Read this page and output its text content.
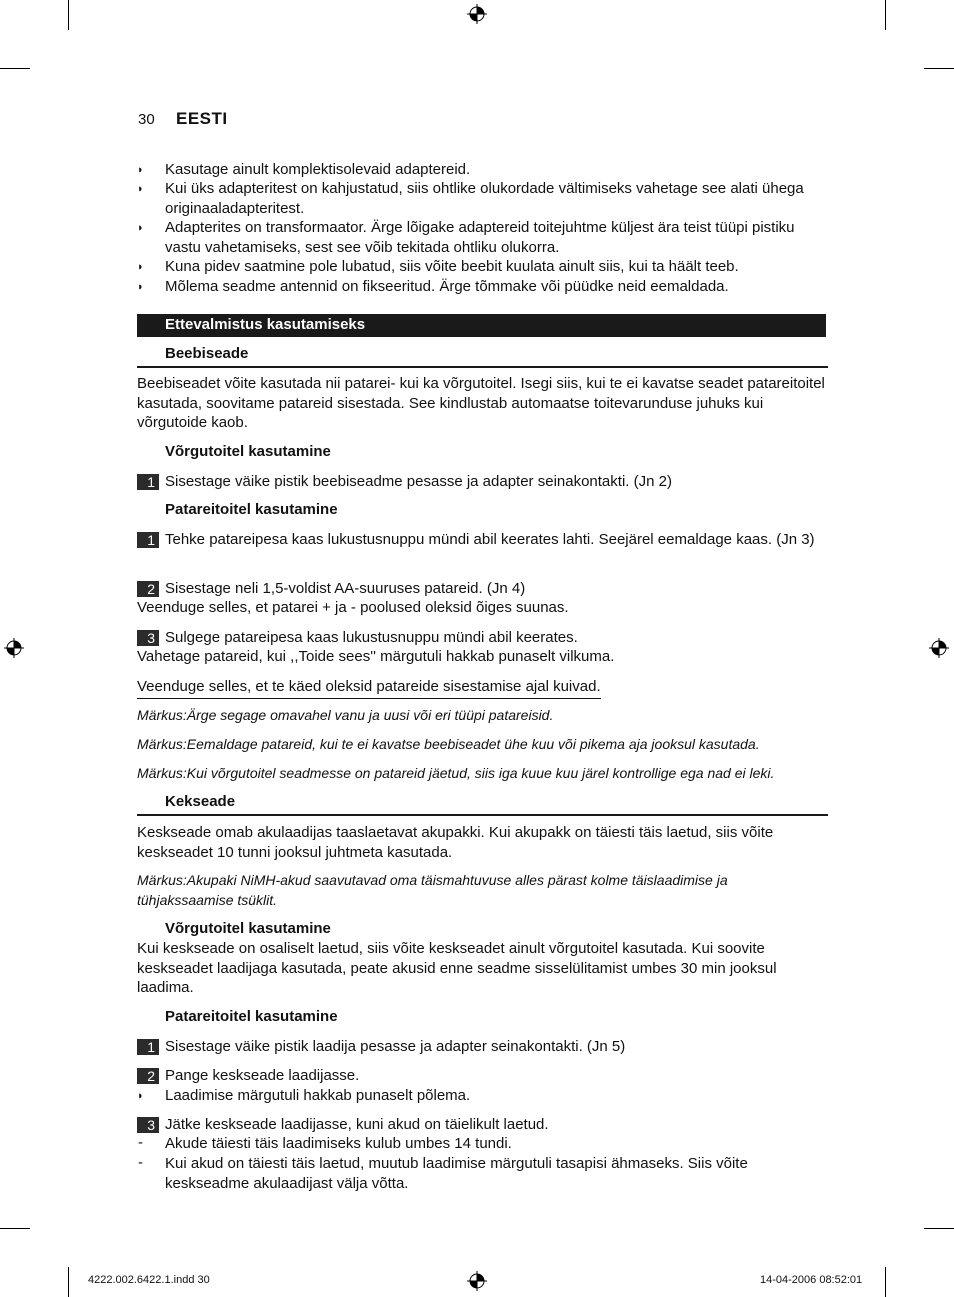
30 EESTI
◗ Kasutage ainult komplektisolevaid adaptereid.
◗ Kui üks adapteritest on kahjustatud, siis ohtlike olukordade vältimiseks vahetage see alati ühega originaaladapteritest.
◗ Adapterites on transformaator. Ärge lõigake adaptereid toitejuhtme küljest ära teist tüüpi pistiku vastu vahetamiseks, sest see võib tekitada ohtliku olukorra.
◗ Kuna pidev saatmine pole lubatud, siis võite beebit kuulata ainult siis, kui ta häält teeb.
◗ Mõlema seadme antennid on fikseeritud. Ärge tõmmake või püüdke neid eemaldada.
Ettevalmistus kasutamiseks
Beebiseade
Beebiseadet võite kasutada nii patarei- kui ka võrgutoitel. Isegi siis, kui te ei kavatse seadet patareitoitel kasutada, soovitame patareid sisestada. See kindlustab automaatse toitevarunduse juhuks kui võrgutoide kaob.
Võrgutoitel kasutamine
1 Sisestage väike pistik beebiseadme pesasse ja adapter seinakontakti. (Jn 2)
Patareitoitel kasutamine
1 Tehke patareipesa kaas lukustusnuppu mündi abil keerates lahti. Seejärel eemaldage kaas. (Jn 3)
2 Sisestage neli 1,5-voldist AA-suuruses patareid. (Jn 4)
Veenduge selles, et patarei + ja - poolused oleksid õiges suunas.
3 Sulgege patareipesa kaas lukustusnuppu mündi abil keerates.
Vahetage patareid, kui ,,Toide sees'' märgutuli hakkab punaselt vilkuma.
Veenduge selles, et te käed oleksid patareide sisestamise ajal kuivad.
Märkus:Ärge segage omavahel vanu ja uusi või eri tüüpi patareisid.
Märkus:Eemaldage patareid, kui te ei kavatse beebiseadet ühe kuu või pikema aja jooksul kasutada.
Märkus:Kui võrgutoitel seadmesse on patareid jäetud, siis iga kuue kuu järel kontrollige ega nad ei leki.
Kekseade
Keskseade omab akulaadijas taaslaetavat akupakki. Kui akupakk on täiesti täis laetud, siis võite keskseadet 10 tunni jooksul juhtmeta kasutada.
Märkus:Akupaki NiMH-akud saavutavad oma täismahtuvuse alles pärast kolme täislaadimise ja tühjakssaamise tsüklit.
Võrgutoitel kasutamine
Kui keskseade on osaliselt laetud, siis võite keskseadet ainult võrgutoitel kasutada. Kui soovite keskseadet laadijaga kasutada, peate akusid enne seadme sisselülitamist umbes 30 min jooksul laadima.
Patareitoitel kasutamine
1 Sisestage väike pistik laadija pesasse ja adapter seinakontakti. (Jn 5)
2 Pange keskseade laadijasse.
◗ Laadimise märgutuli hakkab punaselt põlema.
3 Jätke keskseade laadijasse, kuni akud on täielikult laetud.
- Akude täiesti täis laadimiseks kulub umbes 14 tundi.
- Kui akud on täiesti täis laetud, muutub laadimise märgutuli tasapisi ähmaseks. Siis võite keskseadme akulaadijast välja võtta.
4222.002.6422.1.indd 30	14-04-2006 08:52:01
